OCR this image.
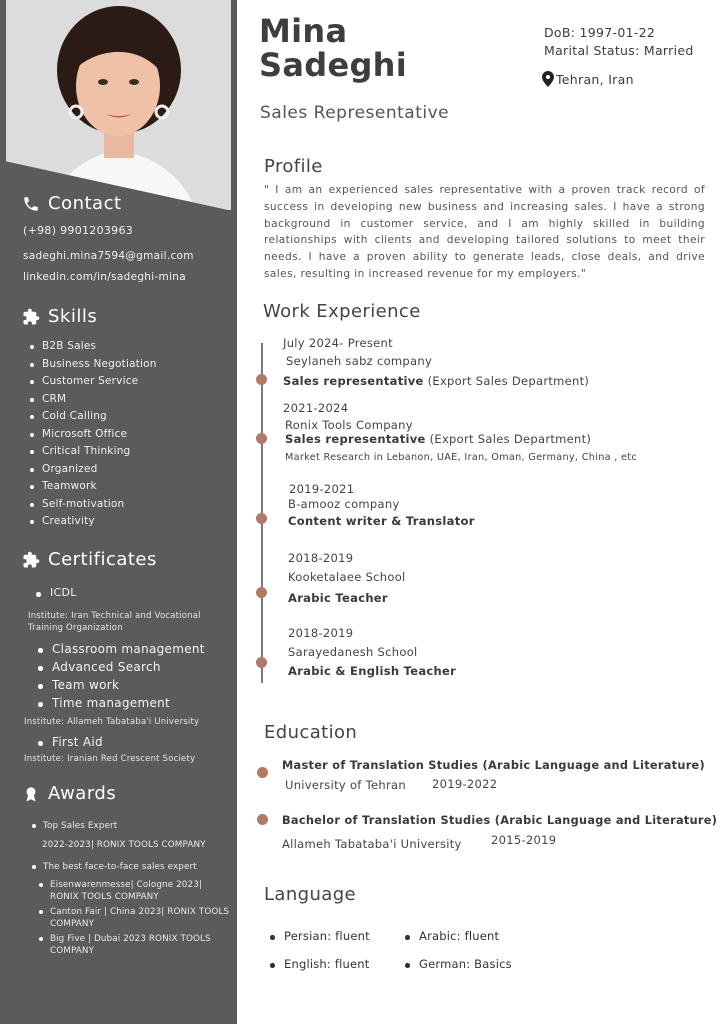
Contact
(+98) 9901203963
sadeghi.mina7594@gmail.com
linkedin.com/in/sadeghi-mina
Skills
B2B Sales
Business Negotiation
Customer Service
CRM
Cold Calling
Microsoft Office
Critical Thinking
Organized
Teamwork
Self-motivation
Creativity
Certificates
ICDL
Institute: Iran Technical and Vocational Training Organization
Classroom management
Advanced Search
Team work
Time management
Institute: Allameh Tabataba'i University
First Aid
Institute: Iranian Red Crescent Society
Awards
Top Sales Expert
2022-2023| RONIX TOOLS COMPANY
The best face-to-face sales expert
Eisenwarenmesse| Cologne 2023| RONIX TOOLS COMPANY
Canton Fair | China 2023| RONIX TOOLS COMPANY
Big Five | Dubai 2023 RONIX TOOLS COMPANY
Mina
Sadeghi
DoB: 1997-01-22
Marital Status: Married
Tehran, Iran
Sales Representative
Profile
" I am an experienced sales representative with a proven track record of success in developing new business and increasing sales. I have a strong background in customer service, and I am highly skilled in building relationships with clients and developing tailored solutions to meet their needs. I have a proven ability to generate leads, close deals, and drive sales, resulting in increased revenue for my employers."
Work Experience
July 2024- Present
Seylaneh sabz company
Sales representative (Export Sales Department)
2021-2024
Ronix Tools Company
Sales representative (Export Sales Department)
Market Research in Lebanon, UAE, Iran, Oman, Germany, China , etc
2019-2021
B-amooz company
Content writer & Translator
2018-2019
Kooketalaee School
Arabic Teacher
2018-2019
Sarayedanesh School
Arabic & English Teacher
Education
Master of Translation Studies (Arabic Language and Literature)
University of Tehran 2019-2022
Bachelor of Translation Studies (Arabic Language and Literature)
Allameh Tabataba'i University	2015-2019
Language
Persian: fluent	Arabic: fluent
English: fluent	German: Basics
